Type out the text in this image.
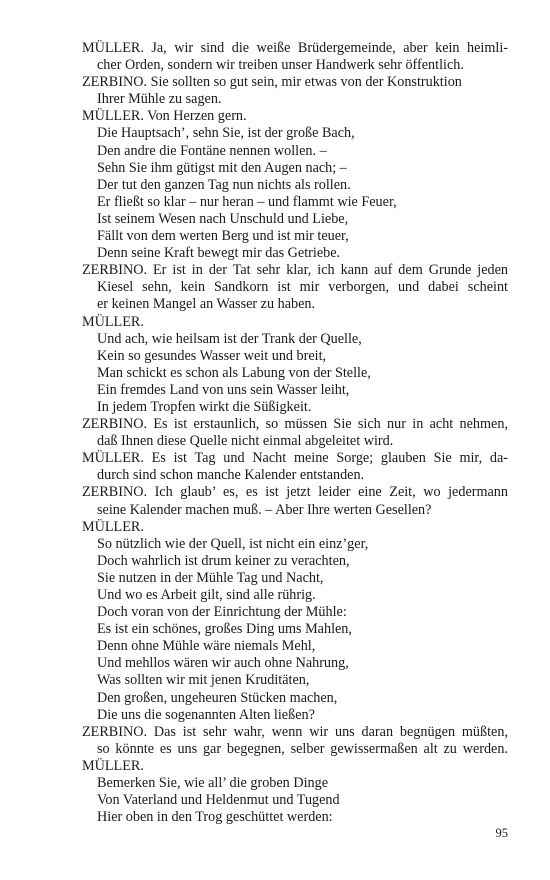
MÜLLER. Ja, wir sind die weiße Brüdergemeinde, aber kein heimli-
cher Orden, sondern wir treiben unser Handwerk sehr öffentlich.
ZERBINO. Sie sollten so gut sein, mir etwas von der Konstruktion
Ihrer Mühle zu sagen.
MÜLLER. Von Herzen gern.
Die Hauptsach’, sehn Sie, ist der große Bach,
Den andre die Fontäne nennen wollen. –
Sehn Sie ihm gütigst mit den Augen nach; –
Der tut den ganzen Tag nun nichts als rollen.
Er fließt so klar – nur heran – und flammt wie Feuer,
Ist seinem Wesen nach Unschuld und Liebe,
Fällt von dem werten Berg und ist mir teuer,
Denn seine Kraft bewegt mir das Getriebe.
ZERBINO. Er ist in der Tat sehr klar, ich kann auf dem Grunde jeden
Kiesel sehn, kein Sandkorn ist mir verborgen, und dabei scheint
er keinen Mangel an Wasser zu haben.
MÜLLER.
Und ach, wie heilsam ist der Trank der Quelle,
Kein so gesundes Wasser weit und breit,
Man schickt es schon als Labung von der Stelle,
Ein fremdes Land von uns sein Wasser leiht,
In jedem Tropfen wirkt die Süßigkeit.
ZERBINO. Es ist erstaunlich, so müssen Sie sich nur in acht nehmen,
daß Ihnen diese Quelle nicht einmal abgeleitet wird.
MÜLLER. Es ist Tag und Nacht meine Sorge; glauben Sie mir, da-
durch sind schon manche Kalender entstanden.
ZERBINO. Ich glaub’ es, es ist jetzt leider eine Zeit, wo jedermann
seine Kalender machen muß. – Aber Ihre werten Gesellen?
MÜLLER.
So nützlich wie der Quell, ist nicht ein einz’ger,
Doch wahrlich ist drum keiner zu verachten,
Sie nutzen in der Mühle Tag und Nacht,
Und wo es Arbeit gilt, sind alle rührig.
Doch voran von der Einrichtung der Mühle:
Es ist ein schönes, großes Ding ums Mahlen,
Denn ohne Mühle wäre niemals Mehl,
Und mehllos wären wir auch ohne Nahrung,
Was sollten wir mit jenen Kruditäten,
Den großen, ungeheuren Stücken machen,
Die uns die sogenannten Alten ließen?
ZERBINO. Das ist sehr wahr, wenn wir uns daran begnügen müßten,
so könnte es uns gar begegnen, selber gewissermaßen alt zu werden.
MÜLLER.
Bemerken Sie, wie all’ die groben Dinge
Von Vaterland und Heldenmut und Tugend
Hier oben in den Trog geschüttet werden:
95
